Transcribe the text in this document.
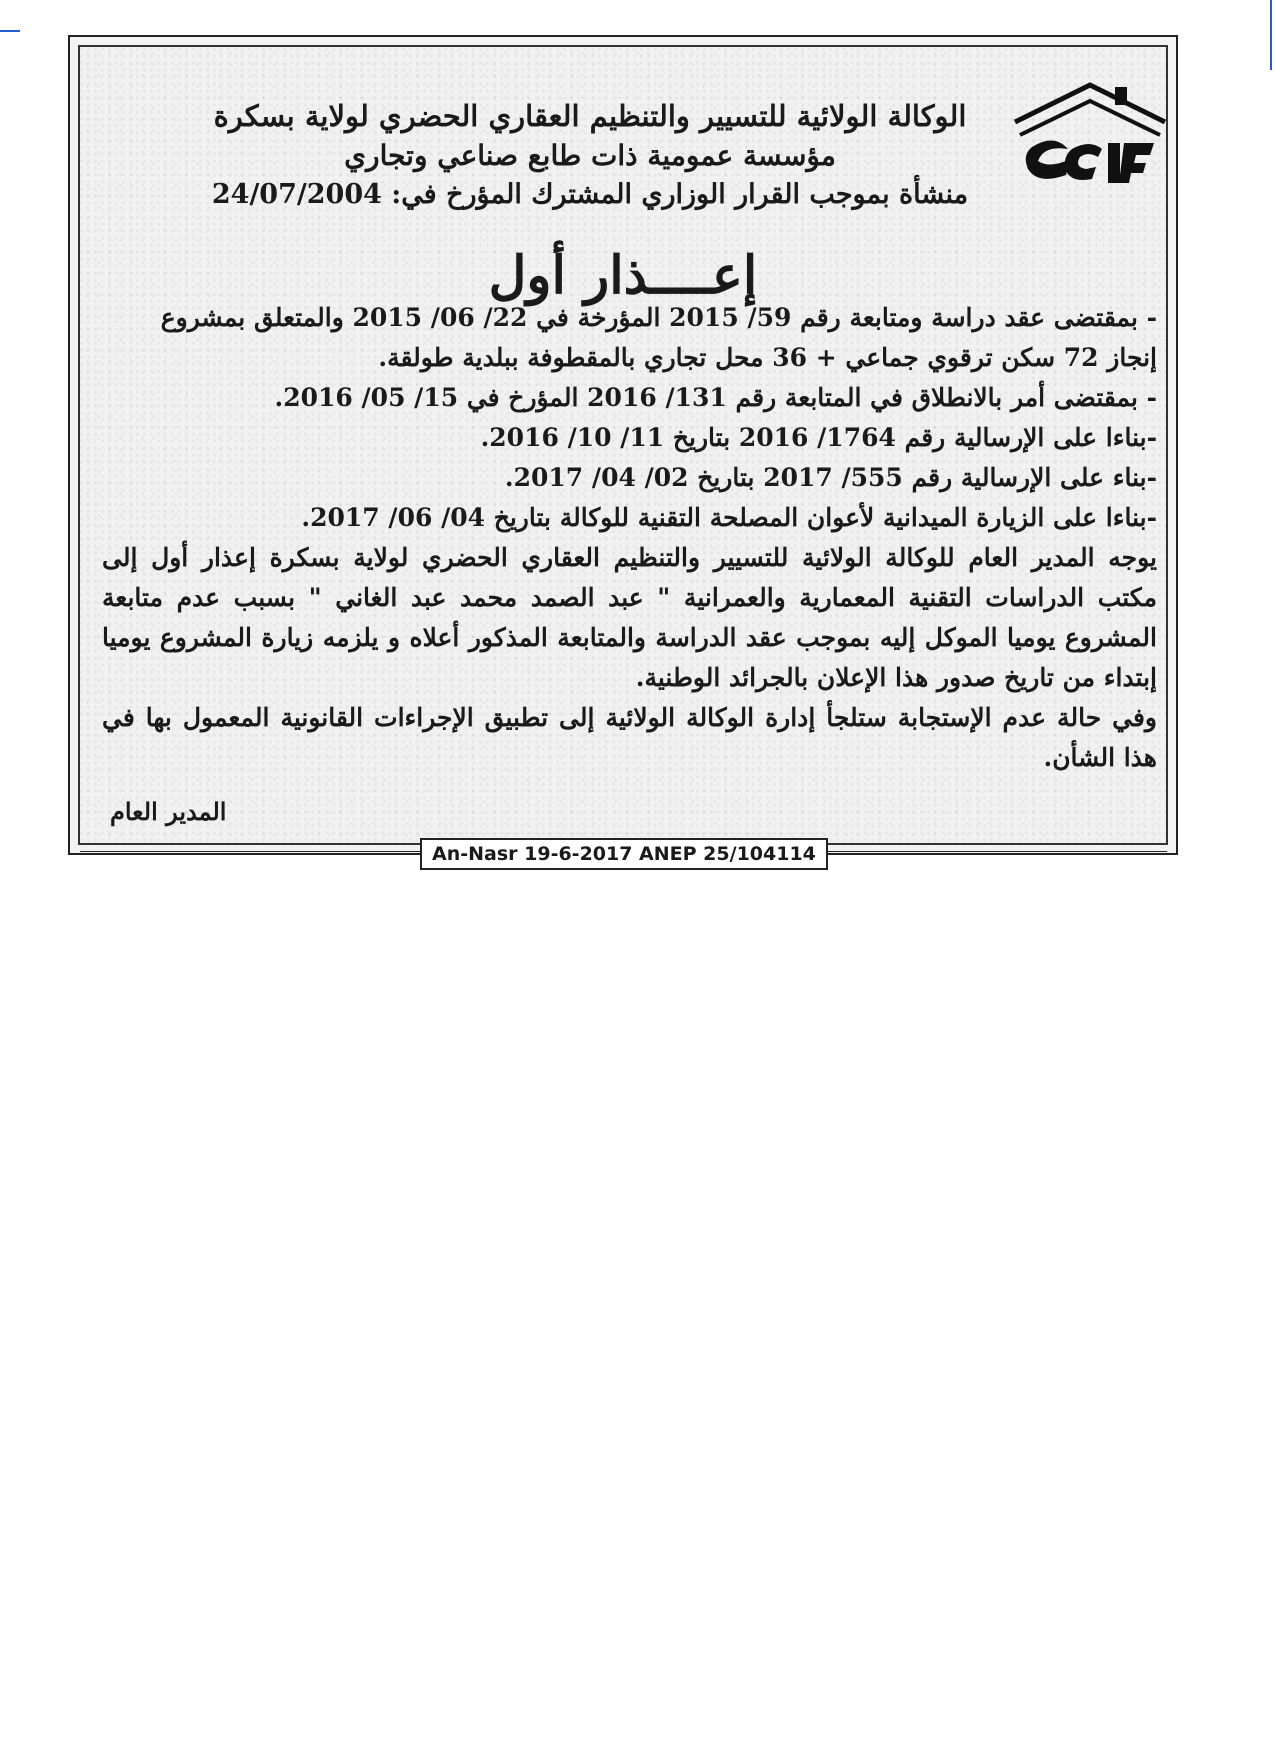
الوكالة الولائية للتسيير والتنظيم العقاري الحضري لولاية بسكرة
مؤسسة عمومية ذات طابع صناعي وتجاري
منشأة بموجب القرار الوزاري المشترك المؤرخ في: 24/07/2004
إعــــذار أول

- بمقتضى عقد دراسة ومتابعة رقم 59/ 2015 المؤرخة في 22/ 06/ 2015 والمتعلق بمشروع

إنجاز 72 سكن ترقوي جماعي + 36 محل تجاري بالمقطوفة ببلدية طولقة.

- بمقتضى أمر بالانطلاق في المتابعة رقم 131/ 2016 المؤرخ في 15/ 05/ 2016.

-بناءا على الإرسالية رقم 1764/ 2016 بتاريخ 11/ 10/ 2016.

-بناء على الإرسالية رقم 555/ 2017 بتاريخ 02/ 04/ 2017.

-بناءا على الزيارة الميدانية لأعوان المصلحة التقنية للوكالة بتاريخ 04/ 06/ 2017.

يوجه المدير العام للوكالة الولائية للتسيير والتنظيم العقاري الحضري لولاية بسكرة إعذار أول إلى مكتب الدراسات التقنية المعمارية والعمرانية " عبد الصمد محمد عبد الغاني " بسبب عدم متابعة المشروع يوميا الموكل إليه بموجب عقد الدراسة والمتابعة المذكور أعلاه و يلزمه زيارة المشروع يوميا إبتداء من تاريخ صدور هذا الإعلان بالجرائد الوطنية.

وفي حالة عدم الإستجابة ستلجأ إدارة الوكالة الولائية إلى تطبيق الإجراءات القانونية المعمول بها في هذا الشأن.

المدير العام
An-Nasr 19-6-2017 ANEP 25/104114
